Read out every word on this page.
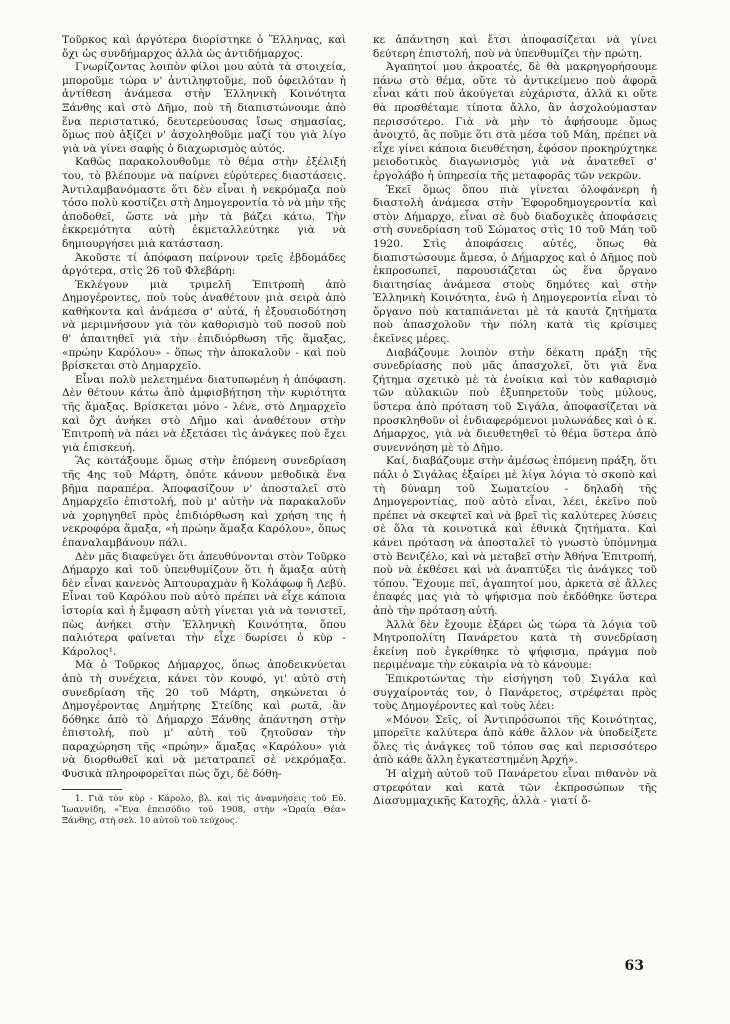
Τοῦρκος καὶ ἀργότερα διορίστηκε ὁ Ἕλληνας, καὶ ὄχι ὡς συνδήμαρχος ἀλλὰ ὡς ἀντιδήμαρχος.

Γνωρίζοντας λοιπὸν φίλοι μου αὐτὰ τὰ στοιχεία, μποροῦμε τώρα ν' ἀντιληφτοῦμε, ποῦ ὀφειλόταν ἡ ἀντίθεση ἀνάμεσα στὴν Ἑλληνικὴ Κοινότητα Ξάνθης καὶ στὸ Δῆμο, ποὺ τῆ διαπιστώνουμε ἀπὸ ἕνα περιστατικό, δευτερεύουσας ἴσως σημασίας, ὅμως ποὺ ἀξίζει ν' ἀσχοληθοῦμε μαζί του γιὰ λίγο γιὰ νὰ γίνει σαφὴς ὁ διαχωρισμὸς αὐτός.

Καθὼς παρακολουθοῦμε τὸ θέμα στὴν ἐξέλιξή του, τὸ βλέπουμε νὰ παίρνει εὐρύτερες διαστάσεις. Ἀντιλαμβανόμαστε ὅτι δὲν εἶναι ἡ νεκρόμαζα ποὺ τόσο πολὺ κοστίζει στὴ Δημογεροντία τὸ νὰ μὴν τῆς ἀποδοθεῖ, ὥστε νὰ μὴν τὰ βάζει κάτω. Τὴν ἐκκρεμότητα αὐτὴ ἐκμεταλλεύτηκε γιὰ νὰ δημιουργήσει μιὰ κατάσταση.

Ἀκοῦστε τί ἀπόφαση παίρνουν τρεῖς ἑβδομάδες ἀργότερα, στὶς 26 τοῦ Φλεβάρη:

Ἐκλέγουν μιὰ τριμελῆ Ἐπιτροπὴ ἀπὸ Δημογέροντες, ποὺ τοὺς ἀναθέτουν μιὰ σειρὰ ἀπὸ καθήκοντα καὶ ἀνάμεσα σ' αὐτά, ἡ ἐξουσιοδότηση νὰ μεριμνήσουν γιὰ τὸν καθορισμὸ τοῦ ποσοῦ ποὺ θ' ἀπαιτηθεῖ γιὰ τὴν ἐπιδιόρθωση τῆς ἅμαξας, «πρώην Καρόλου» - ὅπως τὴν ἀποκαλοῦν - καὶ ποὺ βρίσκεται στὸ Δημαρχεῖο.

Εἶναι πολὺ μελετημένα διατυπωμένη ἡ ἀπόφαση. Δὲν θέτουν κάτω ἀπὸ ἀμφισβήτηση τὴν κυριότητα τῆς ἅμαξας. Βρίσκεται μόνο - λένε, στὸ Δημαρχεῖο καὶ ὄχι ἀνήκει στὸ Δῆμο καὶ ἀναθέτουν στὴν Ἐπιτροπὴ νὰ πάει νὰ ἐξετάσει τὶς ἀνάγκες ποὺ ἔχει γιὰ ἐπισκευή.

Ἂς κοιτάξουμε ὅμως στὴν ἑπόμενη συνεδρίαση τῆς 4ης τοῦ Μάρτη, ὁπότε κάνουν μεθοδικὰ ἕνα βῆμα παραπέρα. Ἀποφασίζουν ν' ἀποσταλεῖ στὸ Δημαρχεῖο ἐπιστολή, ποὺ μ' αὐτὴν νὰ παρακαλοῦν νὰ χορηγηθεῖ πρὸς ἐπιδιόρθωση καὶ χρήση της ἡ νεκροφόρα ἅμαξα, «ἡ πρώην ἅμαξα Καρόλου», ὅπως ἐπαναλαμβάνουν πάλι.

Δὲν μᾶς διαφεύγει ὅτι ἀπευθύνονται στὸν Τοῦρκο Δήμαρχο καὶ τοῦ ὑπενθυμίζουν ὅτι ἡ ἅμαξα αὐτὴ δὲν εἶναι κανενὸς Ἀπτουραχμὰν ἢ Κολάφωφ ἢ Λεβύ. Εἶναι τοῦ Καρόλου ποὺ αὐτὸ πρέπει νὰ εἶχε κάποια ἱστορία καὶ ἡ ἔμφαση αὐτὴ γίνεται γιὰ νὰ τονιστεῖ, πὼς ἀνήκει στὴν Ἑλληνικὴ Κοινότητα, ὅπου παλιότερα φαίνεται τὴν εἶχε δωρίσει ὁ κὺρ - Κάρολος¹.

Μὰ ὁ Τοῦρκος Δήμαρχος, ὅπως ἀποδεικνύεται ἀπὸ τὴ συνέχεια, κάνει τὸν κουφό, γι' αὐτὸ στὴ συνεδρίαση τῆς 20 τοῦ Μάρτη, σηκώνεται ὁ Δημογέροντας Δημήτρης Στείδης καὶ ρωτᾶ, ἂν δόθηκε ἀπὸ τὸ Δήμαρχο Ξάνθης ἀπάντηση στὴν ἐπιστολή, ποὺ μ' αὐτὴ τοῦ ζητοῦσαν τὴν παραχώρηση τῆς «πρώην» ἅμαξας «Καρόλου» γιὰ νὰ διορθωθεῖ καὶ νὰ μετατραπεῖ σὲ νεκρόμαξα. Φυσικὰ πληροφορεῖται πὼς ὄχι, δὲ δόθη-

1. Γιὰ τὸν κὺρ - Κάρολο, βλ. καὶ τὶς ἀναμνήσεις τοῦ Εὐ. Ἰωαννίδη, «Ἕνα ἐπεισόδιο τοῦ 1908, στὴν «Ὡραία Θέα» Ξάνθης, στὴ σελ. 10 αὐτοῦ τοῦ τεύχους.

κε ἀπάντηση καὶ ἔτσι ἀποφασίζεται νὰ γίνει δεύτερη ἐπιστολή, ποὺ νὰ ὑπενθυμίζει τὴν πρώτη.

Ἀγαπητοί μου ἀκροατές, δὲ θὰ μακρηγορήσουμε πάνω στὸ θέμα, οὔτε τὸ ἀντικείμενο ποὺ ἀφορᾶ εἶναι κάτι ποὺ ἀκούγεται εὐχάριστα, ἀλλὰ κι οὔτε θὰ προσθέταμε τίποτα ἄλλο, ἂν ἀσχολούμασταν περισσότερο. Γιὰ νὰ μὴν τὸ ἀφήσουμε ὅμως ἀνοιχτό, ἂς ποῦμε ὅτι στὰ μέσα τοῦ Μάη, πρέπει νὰ εἶχε γίνει κάποια διευθέτηση, ἐφόσον προκηρύχτηκε μειοδοτικὸς διαγωνισμὸς γιὰ νὰ ἀνατεθεῖ σ' ἐργολάβο ἡ ὑπηρεσία τῆς μεταφορᾶς τῶν νεκρῶν.

Ἐκεῖ ὅμως ὅπου πιὰ γίνεται ὁλοφάνερη ἡ διαστολὴ ἀνάμεσα στὴν Ἐφοροδημογεροντία καὶ στὸν Δήμαρχο, εἶναι σὲ δυὸ διαδοχικὲς ἀποφάσεις στὴ συνεδρίαση τοῦ Σώματος στὶς 10 τοῦ Μάη τοῦ 1920. Στὶς ἀποφάσεις αὐτές, ὅπως θὰ διαπιστώσουμε ἄμεσα, ὁ Δήμαρχος καὶ ὁ Δῆμος ποὺ ἐκπροσωπεῖ, παρουσιάζεται ὡς ἕνα ὄργανο διαιτησίας ἀνάμεσα στοὺς δημότες καὶ στὴν Ἑλληνικὴ Κοινότητα, ἐνῶ ἡ Δημογεροντία εἶναι τὸ ὄργανο ποὺ καταπιάνεται μὲ τὰ καυτὰ ζητήματα ποὺ ἀπασχολοῦν τὴν πόλη κατὰ τὶς κρίσιμες ἐκεῖνες μέρες.

Διαβάζουμε λοιπὸν στὴν δέκατη πράξη τῆς συνεδρίασης ποὺ μᾶς ἀπασχολεῖ, ὅτι γιὰ ἕνα ζήτημα σχετικὸ μὲ τὰ ἐνοίκια καὶ τὸν καθαρισμὸ τῶν αὐλακιῶν ποὺ ἐξυπηρετοῦν τοὺς μύλους, ὕστερα ἀπὸ πρόταση τοῦ Σιγάλα, ἀποφασίζεται νὰ προσκληθοῦν οἱ ἐνδιαφερόμενοι μυλωνάδες καὶ ὁ κ. Δήμαρχος, γιὰ νὰ διευθετηθεῖ τὸ θέμα ὕστερα ἀπὸ συνεννόηση μὲ τὸ Δῆμο.

Καί, διαβάζουμε στὴν ἀμέσως ἑπόμενη πράξη, ὅτι πάλι ὁ Σιγάλας ἐξαίρει μὲ λίγα λόγια τὸ σκοπὸ καὶ τὴ δύναμη τοῦ Σωματείου - δηλαδὴ τῆς Δημογεροντίας, ποὺ αὐτὸ εἶναι, λέει, ἐκεῖνο ποὺ πρέπει νὰ σκεφτεῖ καὶ νὰ βρεῖ τὶς καλύτερες λύσεις σὲ ὅλα τὰ κοινοτικὰ καὶ ἐθνικὰ ζητήματα. Καὶ κάνει πρόταση νὰ ἀποσταλεῖ τὸ γνωστὸ ὑπόμνημα στὸ Βενιζέλο, καὶ νὰ μεταβεῖ στὴν Ἀθήνα Ἐπιτροπή, ποὺ νὰ ἐκθέσει καὶ νὰ ἀναπτύξει τὶς ἀνάγκες τοῦ τόπου. Ἔχουμε πεῖ, ἀγαπητοί μου, ἀρκετὰ σὲ ἄλλες ἐπαφές μας γιὰ τὸ ψήφισμα ποὺ ἐκδόθηκε ὕστερα ἀπὸ τὴν πρόταση αὐτή.

Ἀλλὰ δὲν ἔχουμε ἐξάρει ὡς τώρα τὰ λόγια τοῦ Μητροπολίτη Πανάρετου κατὰ τὴ συνεδρίαση ἐκείνη ποὺ ἐγκρίθηκε τὸ ψήφισμα, πράγμα ποὺ περιμέναμε τὴν εὐκαιρία νὰ τὸ κάνουμε:

Ἐπικροτώντας τὴν εἰσήγηση τοῦ Σιγάλα καὶ συγχαίροντάς τον, ὁ Πανάρετος, στρέφεται πρὸς τοὺς Δημογέροντες καὶ τοὺς λέει:

«Μόνον Σεῖς, οἱ Ἀντιπρόσωποι τῆς Κοινότητας, μπορεῖτε καλύτερα ἀπὸ κάθε ἄλλον νὰ ὑποδείξετε ὅλες τὶς ἀνάγκες τοῦ τόπου σας καὶ περισσότερο ἀπὸ κάθε ἄλλη ἐγκατεστημένη Ἀρχή».

Ἡ αἰχμὴ αὐτοῦ τοῦ Πανάρετου εἶναι πιθανὸν νὰ στρεφόταν καὶ κατὰ τῶν ἐκπροσώπων τῆς Διασυμμαχικῆς Κατοχῆς, ἀλλὰ - γιατί ὄ-

63
